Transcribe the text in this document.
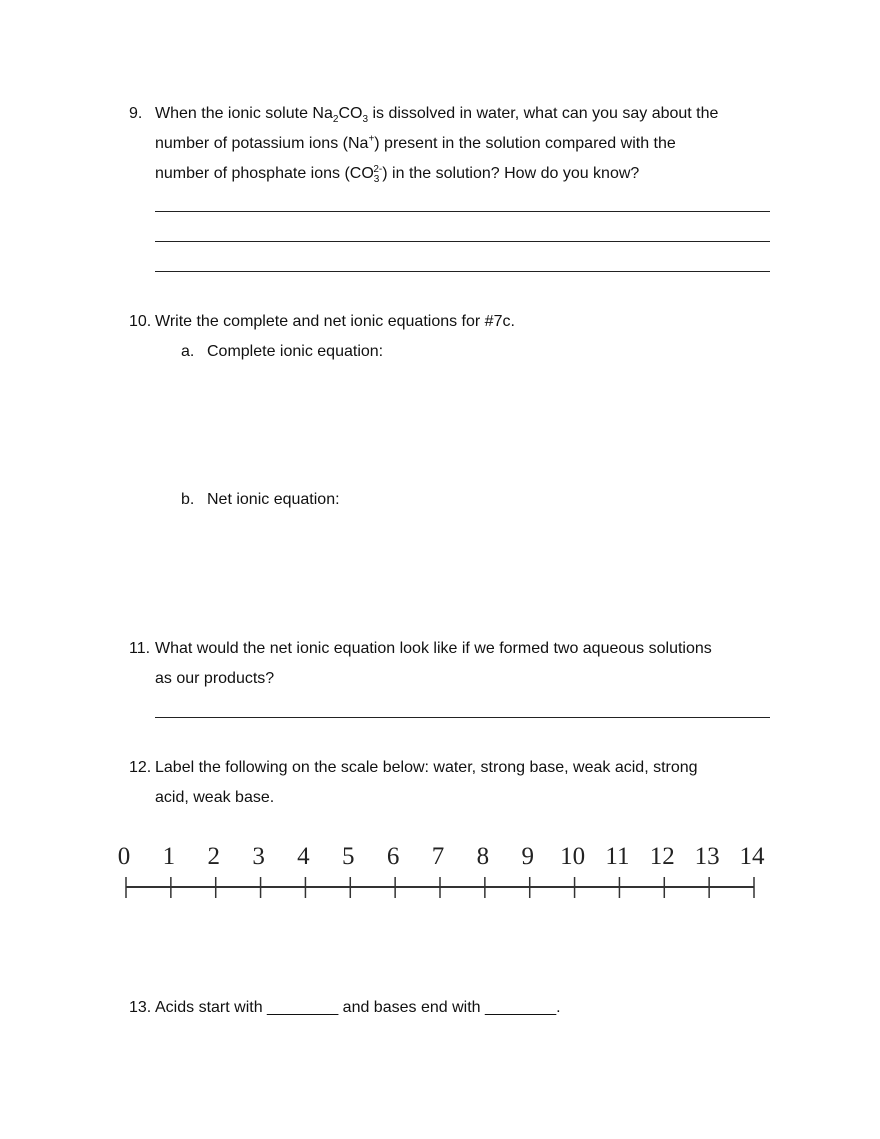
9. When the ionic solute $Na_2CO_3$ is dissolved in water, what can you say about the
number of potassium ions (Na+) present in the solution compared with the
number of phosphate ions $(CO_3^{2-})$ in the solution? How do you know?
10. Write the complete and net ionic equations for #7c.
a. Complete ionic equation:
b. Net ionic equation:
11. What would the net ionic equation look like if we formed two aqueous solutions
as our products?
12. Label the following on the scale below: water, strong base, weak acid, strong
acid, weak base.
0 1 2 3 4 5 6 7 8 9 10 11 12 13 14
13. Acids start with ________ and bases end with ________.
